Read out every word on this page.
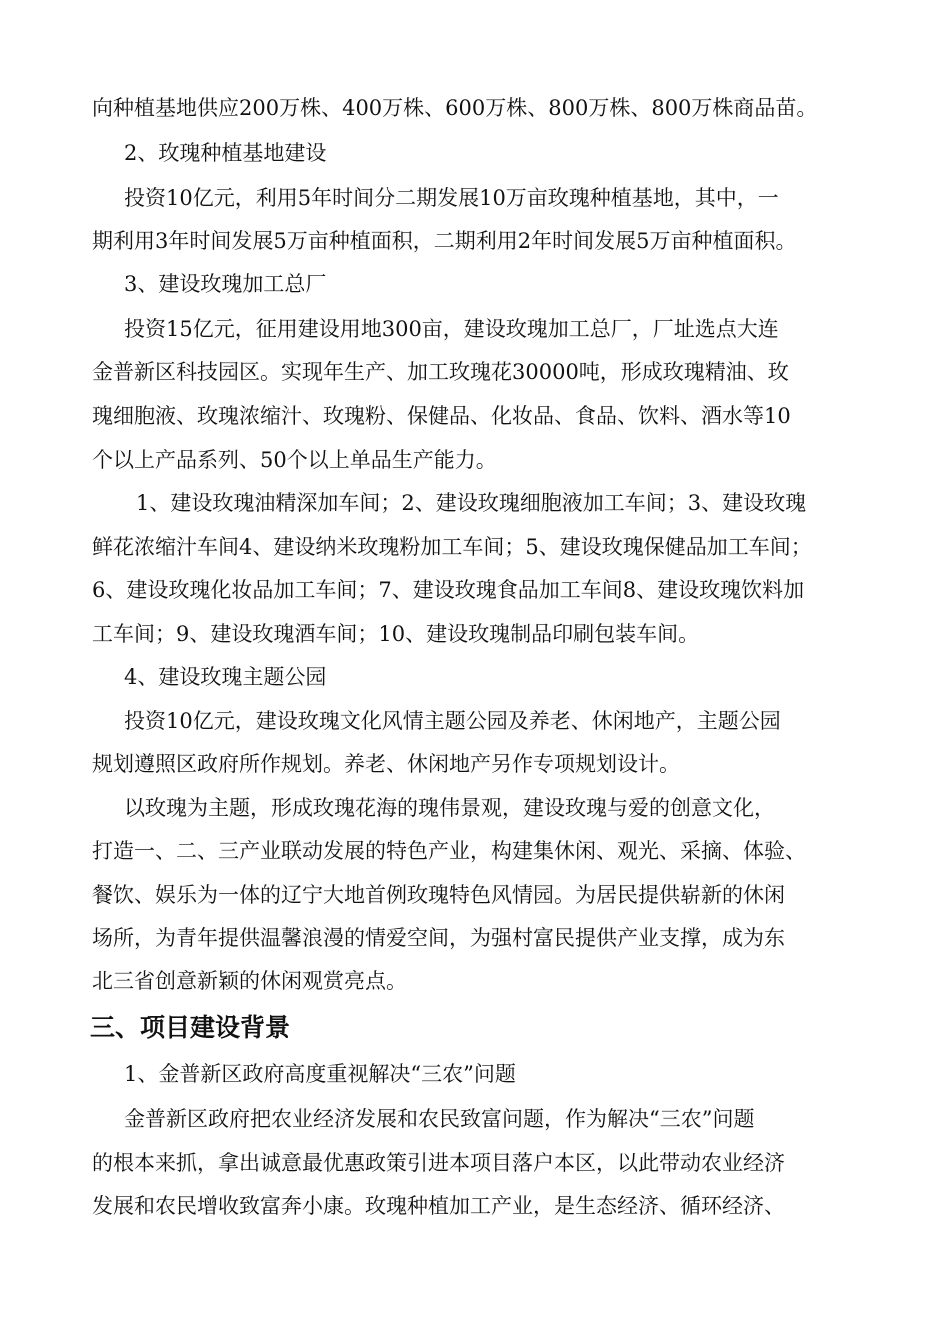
向种植基地供应200万株、400万株、600万株、800万株、800万株商品苗。
2、玫瑰种植基地建设
投资10亿元，利用5年时间分二期发展10万亩玫瑰种植基地，其中，一
期利用3年时间发展5万亩种植面积，二期利用2年时间发展5万亩种植面积。
3、建设玫瑰加工总厂
投资15亿元，征用建设用地300亩，建设玫瑰加工总厂，厂址选点大连
金普新区科技园区。实现年生产、加工玫瑰花30000吨，形成玫瑰精油、玫
瑰细胞液、玫瑰浓缩汁、玫瑰粉、保健品、化妆品、食品、饮料、酒水等10
个以上产品系列、50个以上单品生产能力。
1、建设玫瑰油精深加车间；2、建设玫瑰细胞液加工车间；3、建设玫瑰
鲜花浓缩汁车间4、建设纳米玫瑰粉加工车间；5、建设玫瑰保健品加工车间；
6、建设玫瑰化妆品加工车间；7、建设玫瑰食品加工车间8、建设玫瑰饮料加
工车间；9、建设玫瑰酒车间；10、建设玫瑰制品印刷包装车间。
4、建设玫瑰主题公园
投资10亿元，建设玫瑰文化风情主题公园及养老、休闲地产，主题公园
规划遵照区政府所作规划。养老、休闲地产另作专项规划设计。
以玫瑰为主题，形成玫瑰花海的瑰伟景观，建设玫瑰与爱的创意文化，
打造一、二、三产业联动发展的特色产业，构建集休闲、观光、采摘、体验、
餐饮、娱乐为一体的辽宁大地首例玫瑰特色风情园。为居民提供崭新的休闲
场所，为青年提供温馨浪漫的情爱空间，为强村富民提供产业支撑，成为东
北三省创意新颖的休闲观赏亮点。
三、项目建设背景
1、金普新区政府高度重视解决“三农”问题
金普新区政府把农业经济发展和农民致富问题，作为解决“三农”问题
的根本来抓，拿出诚意最优惠政策引进本项目落户本区，以此带动农业经济
发展和农民增收致富奔小康。玫瑰种植加工产业，是生态经济、循环经济、
